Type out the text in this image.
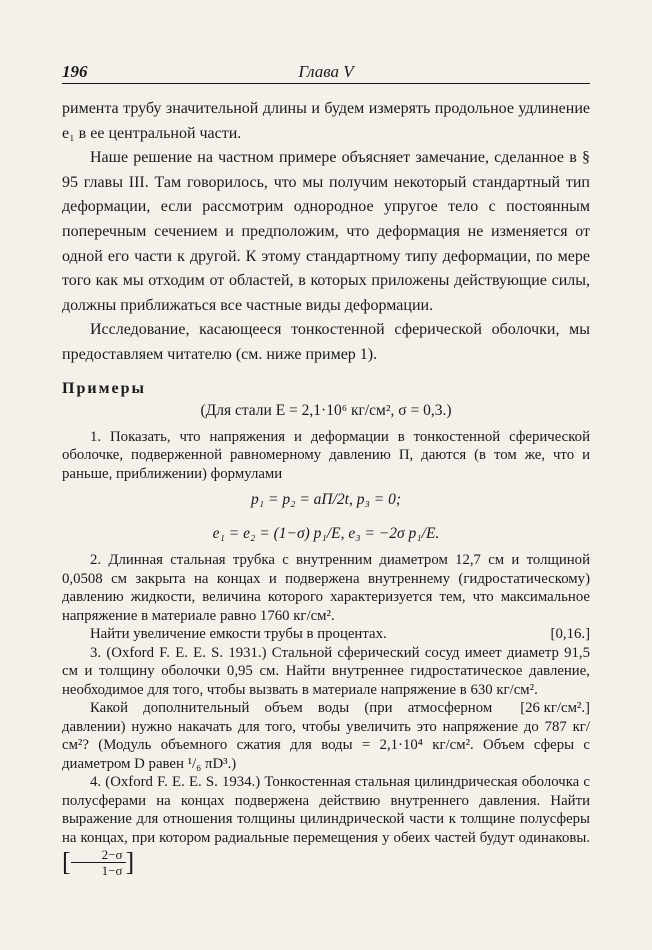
196	Глава V

римента трубу значительной длины и будем измерять продольное удлинение e₁ в ее центральной части.

Наше решение на частном примере объясняет замечание, сделанное в § 95 главы III. Там говорилось, что мы получим некоторый стандартный тип деформации, если рассмотрим однородное упругое тело с постоянным поперечным сечением и предположим, что деформация не изменяется от одной его части к другой. К этому стандартному типу деформации, по мере того как мы отходим от областей, в которых приложены действующие силы, должны приближаться все частные виды деформации.

Исследование, касающееся тонкостенной сферической оболочки, мы предоставляем читателю (см. ниже пример 1).

Примеры
(Для стали E = 2,1·10⁶ кг/см², σ = 0,3.)

1. Показать, что напряжения и деформации в тонкостенной сферической оболочке, подверженной равномерному давлению Π, даются (в том же, что и раньше, приближении) формулами

p₁ = p₂ = aΠ/2t, p₃ = 0;
e₁ = e₂ = (1−σ) p₁/E, e₃ = −2σ p₁/E.

2. Длинная стальная трубка с внутренним диаметром 12,7 см и толщиной 0,0508 см закрыта на концах и подвержена внутреннему (гидростатическому) давлению жидкости, величина которого характеризуется тем, что максимальное напряжение в материале равно 1760 кг/см².

Найти увеличение емкости трубы в процентах.	[0,16.]

3. (Oxford F. E. E. S. 1931.) Стальной сферический сосуд имеет диаметр 91,5 см и толщину оболочки 0,95 см. Найти внутреннее гидростатическое давление, необходимое для того, чтобы вызвать в материале напряжение в 630 кг/см².
[26 кг/см².]

Какой дополнительный объем воды (при атмосферном давлении) нужно накачать для того, чтобы увеличить это напряжение до 787 кг/см²? (Модуль объемного сжатия для воды = 2,1·10⁴ кг/см². Объем сферы с диаметром D равен ¹/₆ πD³.)

4. (Oxford F. E. E. S. 1934.) Тонкостенная стальная цилиндрическая оболочка с полусферами на концах подвержена действию внутреннего давления. Найти выражение для отношения толщины цилиндрической части к толщине полусферы на концах, при котором радиальные перемещения у обеих частей будут одинаковы. [ $\frac{2-\sigma}{1-\sigma}$ ]
